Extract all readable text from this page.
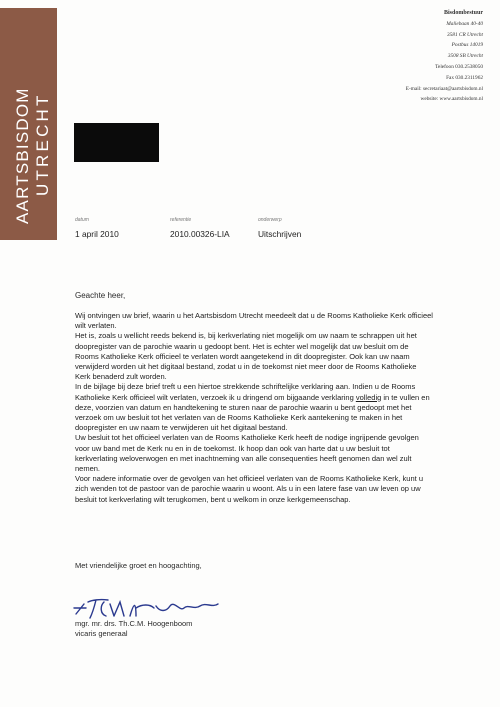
AARTSBISDOM UTRECHT
Bisdombestuur
Maliebaan 40-40
3581 CR Utrecht
Postbus 14019
3508 SB Utrecht
Telefoon 030.2538050
Fax 030.2311962
E-mail: secretariaat@aartsbisdom.nl
website: www.aartsbisdom.nl
datum
1 april 2010
referentie
2010.00326-LIA
onderwerp
Uitschrijven
Geachte heer,

Wij ontvingen uw brief, waarin u het Aartsbisdom Utrecht meedeelt dat u de Rooms Katholieke Kerk officieel wilt verlaten.

Het is, zoals u wellicht reeds bekend is, bij kerkverlating niet mogelijk om uw naam te schrappen uit het doopregister van de parochie waarin u gedoopt bent. Het is echter wel mogelijk dat uw besluit om de Rooms Katholieke Kerk officieel te verlaten wordt aangetekend in dit doopregister. Ook kan uw naam verwijderd worden uit het digitaal bestand, zodat u in de toekomst niet meer door de Rooms Katholieke Kerk benaderd zult worden.

In de bijlage bij deze brief treft u een hiertoe strekkende schriftelijke verklaring aan. Indien u de Rooms Katholieke Kerk officieel wilt verlaten, verzoek ik u dringend om bijgaande verklaring volledig in te vullen en deze, voorzien van datum en handtekening te sturen naar de parochie waarin u bent gedoopt met het verzoek om uw besluit tot het verlaten van de Rooms Katholieke Kerk aantekening te maken in het doopregister en uw naam te verwijderen uit het digitaal bestand.

Uw besluit tot het officieel verlaten van de Rooms Katholieke Kerk heeft de nodige ingrijpende gevolgen voor uw band met de Kerk nu en in de toekomst. Ik hoop dan ook van harte dat u uw besluit tot kerkverlating weloverwogen en met inachtneming van alle consequenties heeft genomen dan wel zult nemen.

Voor nadere informatie over de gevolgen van het officieel verlaten van de Rooms Katholieke Kerk, kunt u zich wenden tot de pastoor van de parochie waarin u woont. Als u in een latere fase van uw leven op uw besluit tot kerkverlating wilt terugkomen, bent u welkom in onze kerkgemeenschap.

Met vriendelijke groet en hoogachting,
mgr. mr. drs. Th.C.M. Hoogenboom
vicaris generaal
